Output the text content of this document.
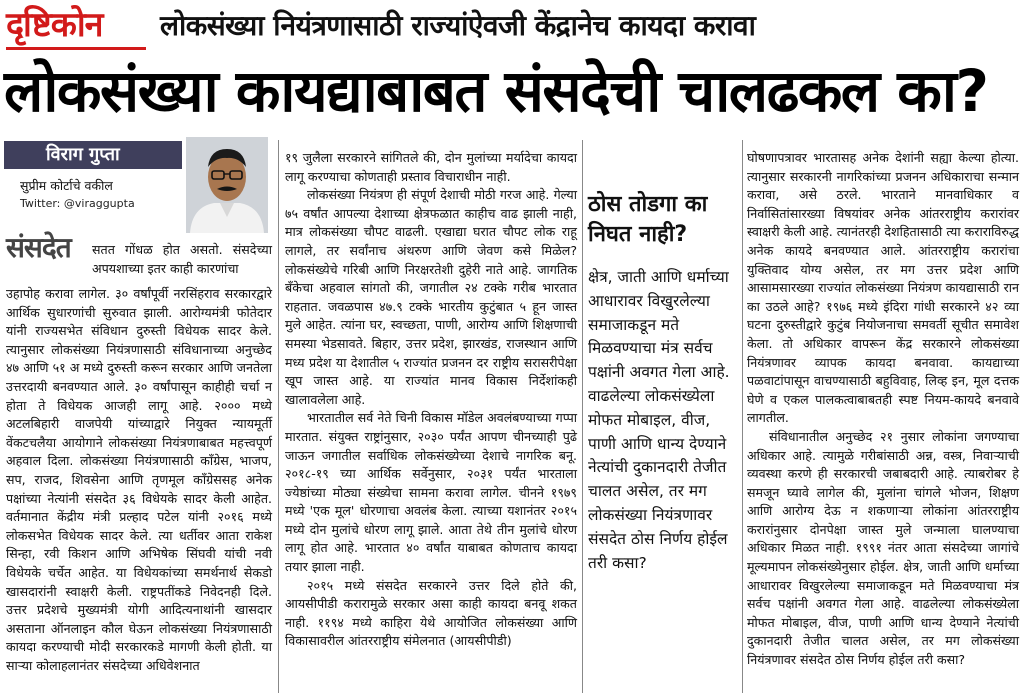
दृष्टिकोन लोकसंख्या नियंत्रणासाठी राज्यांऐवजी केंद्रानेच कायदा करावा
लोकसंख्या कायद्याबाबत संसदेची चालढकल का?
विराग गुप्ता
सुप्रीम कोर्टाचे वकील
Twitter: @viraggupta
संसदेत सतत गोंधळ होत असतो. संसदेच्या अपयशाच्या इतर काही कारणांचा

उहापोह करावा लागेल. ३० वर्षांपूर्वी नरसिंहराव सरकारद्वारे आर्थिक सुधारणांची सुरुवात झाली. आरोग्यमंत्री फोतेदार यांनी राज्यसभेत संविधान दुरुस्ती विधेयक सादर केले. त्यानुसार लोकसंख्या नियंत्रणासाठी संविधानाच्या अनुच्छेद ४७ आणि ५१ अ मध्ये दुरुस्ती करून सरकार आणि जनतेला उत्तरदायी बनवण्यात आले. ३० वर्षांपासून काहीही चर्चा न होता ते विधेयक आजही लागू आहे. २००० मध्ये अटलबिहारी वाजपेयी यांच्याद्वारे नियुक्त न्यायमूर्ती वेंकटचलैया आयोगाने लोकसंख्या नियंत्रणाबाबत महत्त्वपूर्ण अहवाल दिला. लोकसंख्या नियंत्रणासाठी काँग्रेस, भाजप, सप, राजद, शिवसेना आणि तृणमूल काँग्रेससह अनेक पक्षांच्या नेत्यांनी संसदेत ३६ विधेयके सादर केली आहेत. वर्तमानात केंद्रीय मंत्री प्रल्हाद पटेल यांनी २०१६ मध्ये लोकसभेत विधेयक सादर केले. त्या धर्तीवर आता राकेश सिन्हा, रवी किशन आणि अभिषेक सिंघवी यांची नवी विधेयके चर्चेत आहेत. या विधेयकांच्या समर्थनार्थ सेकडो खासदारांनी स्वाक्षरी केली. राष्ट्रपतींकडे निवेदनही दिले. उत्तर प्रदेशचे मुख्यमंत्री योगी आदित्यनाथांनी खासदार असताना ऑनलाइन कौल घेऊन लोकसंख्या नियंत्रणासाठी कायदा करण्याची मोदी सरकारकडे मागणी केली होती. या साऱ्या कोलाहलानंतर संसदेच्या अधिवेशनात

१९ जुलैला सरकारने सांगितले की, दोन मुलांच्या मर्यादेचा कायदा लागू करण्याचा कोणताही प्रस्ताव विचाराधीन नाही.

लोकसंख्या नियंत्रण ही संपूर्ण देशाची मोठी गरज आहे. गेल्या ७५ वर्षांत आपल्या देशाच्या क्षेत्रफळात काहीच वाढ झाली नाही, मात्र लोकसंख्या चौपट वाढली. एखाद्या घरात चौपट लोक राहू लागले, तर सर्वांनाच अंथरुण आणि जेवण कसे मिळेल? लोकसंख्येचे गरिबी आणि निरक्षरतेशी दुहेरी नाते आहे. जागतिक बँकेचा अहवाल सांगतो की, जगातील २४ टक्के गरीब भारतात राहतात. जवळपास ४७.९ टक्के भारतीय कुटुंबात ५ हून जास्त मुले आहेत. त्यांना घर, स्वच्छता, पाणी, आरोग्य आणि शिक्षणाची समस्या भेडसावते. बिहार, उत्तर प्रदेश, झारखंड, राजस्थान आणि मध्य प्रदेश या देशातील ५ राज्यांत प्रजनन दर राष्ट्रीय सरासरीपेक्षा खूप जास्त आहे. या राज्यांत मानव विकास निर्देशांकही खालावलेला आहे.

भारतातील सर्व नेते चिनी विकास मॉडेल अवलंबण्याच्या गप्पा मारतात. संयुक्त राष्ट्रांनुसार, २०३० पर्यंत आपण चीनच्याही पुढे जाऊन जगातील सर्वाधिक लोकसंख्येच्या देशाचे नागरिक बनू. २०१८-१९ च्या आर्थिक सर्वेनुसार, २०३१ पर्यंत भारताला ज्येष्ठांच्या मोठ्या संख्येचा सामना करावा लागेल. चीनने १९७९ मध्ये 'एक मूल' धोरणाचा अवलंब केला. त्याच्या यशानंतर २०१५ मध्ये दोन मुलांचे धोरण लागू झाले. आता तेथे तीन मुलांचे धोरण लागू होत आहे. भारतात ४० वर्षांत याबाबत कोणताच कायदा तयार झाला नाही.

२०१५ मध्ये संसदेत सरकारने उत्तर दिले होते की, आयसीपीडी करारामुळे सरकार असा काही कायदा बनवू शकत नाही. ११९४ मध्ये काहिरा येथे आयोजित लोकसंख्या आणि विकासावरील आंतरराष्ट्रीय संमेलनात (आयसीपीडी)

ठोस तोडगा का निघत नाही?
क्षेत्र, जाती आणि धर्माच्या आधारावर विखुरलेल्या समाजाकडून मते मिळवण्याचा मंत्र सर्वच पक्षांनी अवगत गेला आहे. वाढलेल्या लोकसंख्येला मोफत मोबाइल, वीज, पाणी आणि धान्य देण्याने नेत्यांची दुकानदारी तेजीत चालत असेल, तर मग लोकसंख्या नियंत्रणावर संसदेत ठोस निर्णय होईल तरी कसा?

घोषणापत्रावर भारतासह अनेक देशांनी सह्या केल्या होत्या. त्यानुसार सरकारनी नागरिकांच्या प्रजनन अधिकाराचा सन्मान करावा, असे ठरले. भारताने मानवाधिकार व निर्वासितांसारख्या विषयांवर अनेक आंतरराष्ट्रीय करारांवर स्वाक्षरी केली आहे. त्यानंतरही देशहितासाठी त्या कराराविरुद्ध अनेक कायदे बनवण्यात आले. आंतरराष्ट्रीय करारांचा युक्तिवाद योग्य असेल, तर मग उत्तर प्रदेश आणि आसामसारख्या राज्यांत लोकसंख्या नियंत्रण कायद्यासाठी रान का उठले आहे? १९७६ मध्ये इंदिरा गांधी सरकारने ४२ व्या घटना दुरुस्तीद्वारे कुटुंब नियोजनाचा समवर्ती सूचीत समावेश केला. तो अधिकार वापरून केंद्र सरकारने लोकसंख्या नियंत्रणावर व्यापक कायदा बनवावा. कायद्याच्या पळवाटांपासून वाचण्यासाठी बहुविवाह, लिव्ह इन, मूल दत्तक घेणे व एकल पालकत्वाबाबतही स्पष्ट नियम-कायदे बनवावे लागतील.

संविधानातील अनुच्छेद २१ नुसार लोकांना जगण्याचा अधिकार आहे. त्यामुळे गरीबांसाठी अन्न, वस्त्र, निवाऱ्याची व्यवस्था करणे ही सरकारची जबाबदारी आहे. त्याबरोबर हे समजून घ्यावे लागेल की, मुलांना चांगले भोजन, शिक्षण आणि आरोग्य देऊ न शकणाऱ्या लोकांना आंतरराष्ट्रीय करारांनुसार दोनपेक्षा जास्त मुले जन्माला घालण्याचा अधिकार मिळत नाही. १९९१ नंतर आता संसदेच्या जागांचे मूल्यमापन लोकसंख्येनुसार होईल. क्षेत्र, जाती आणि धर्माच्या आधारावर विखुरलेल्या समाजाकडून मते मिळवण्याचा मंत्र सर्वच पक्षांनी अवगत गेला आहे. वाढलेल्या लोकसंख्येला मोफत मोबाइल, वीज, पाणी आणि धान्य देण्याने नेत्यांची दुकानदारी तेजीत चालत असेल, तर मग लोकसंख्या नियंत्रणावर संसदेत ठोस निर्णय होईल तरी कसा?
